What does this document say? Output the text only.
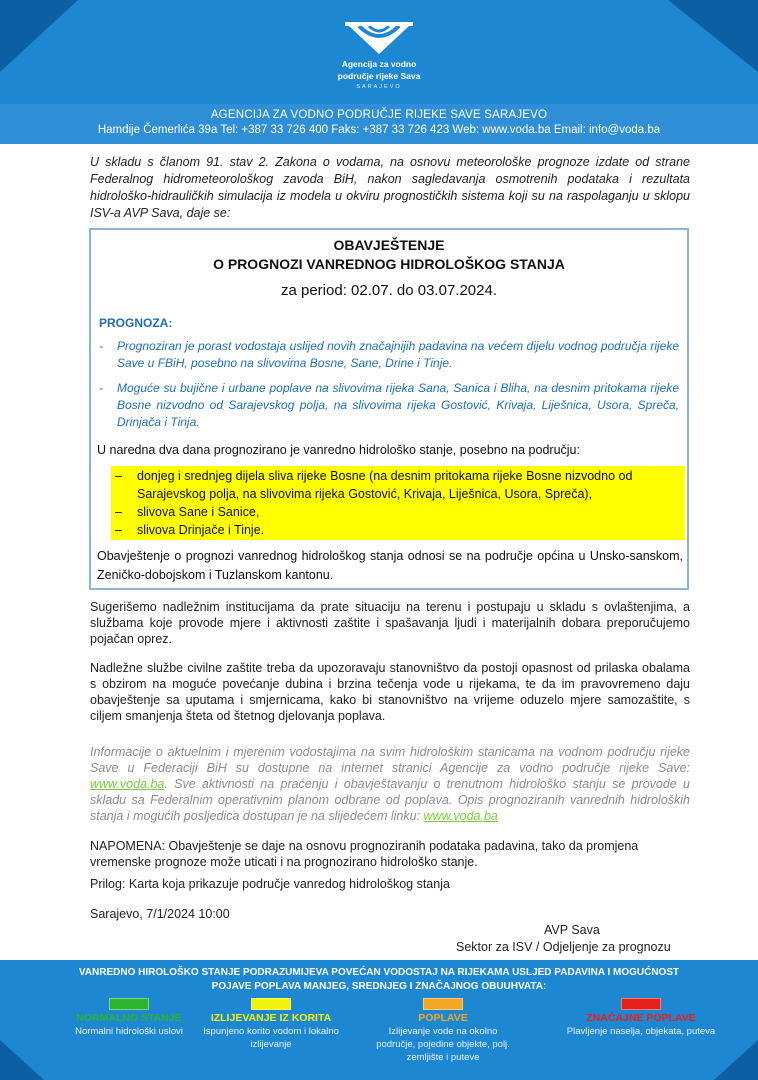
Agencija za vodno
područje rijeke Sava
SARAJEVO
AGENCIJA ZA VODNO PODRUČJE RIJEKE SAVE SARAJEVO
Hamdije Čemerlića 39a Tel: +387 33 726 400 Faks: +387 33 726 423 Web: www.voda.ba Email: info@voda.ba
U skladu s članom 91. stav 2. Zakona o vodama, na osnovu meteorološke prognoze izdate od strane Federalnog hidrometeorološkog zavoda BiH, nakon sagledavanja osmotrenih podataka i rezultata hidrološko-hidrauličkih simulacija iz modela u okviru prognostičkih sistema koji su na raspolaganju u sklopu ISV-a AVP Sava, daje se:
OBAVJEŠTENJE
O PROGNOZI VANREDNOG HIDROLOŠKOG STANJA
za period: 02.07. do 03.07.2024.
PROGNOZA:
- Prognoziran je porast vodostaja uslijed novih značajnijih padavina na većem dijelu vodnog područja rijeke Save u FBiH, posebno na slivovima Bosne, Sane, Drine i Tinje.
- Moguće su bujične i urbane poplave na slivovima rijeka Sana, Sanica i Bliha, na desnim pritokama rijeke Bosne nizvodno od Sarajevskog polja, na slivovima rijeka Gostović, Krivaja, Liješnica, Usora, Spreča, Drinjača i Tinja.
U naredna dva dana prognozirano je vanredno hidrološko stanje, posebno na području:
– donjeg i srednjeg dijela sliva rijeke Bosne (na desnim pritokama rijeke Bosne nizvodno od Sarajevskog polja, na slivovima rijeka Gostović, Krivaja, Liješnica, Usora, Spreča),
– slivova Sane i Sanice,
– slivova Drinjače i Tinje.
Obavještenje o prognozi vanrednog hidrološkog stanja odnosi se na područje općina u Unsko-sanskom, Zeničko-dobojskom i Tuzlanskom kantonu.
Sugerišemo nadležnim institucijama da prate situaciju na terenu i postupaju u skladu s ovlaštenjima, a službama koje provode mjere i aktivnosti zaštite i spašavanja ljudi i materijalnih dobara preporučujemo pojačan oprez.
Nadležne službe civilne zaštite treba da upozoravaju stanovništvo da postoji opasnost od prilaska obalama s obzirom na moguće povećanje dubina i brzina tečenja vode u rijekama, te da im pravovremeno daju obavještenje sa uputama i smjernicama, kako bi stanovništvo na vrijeme oduzelo mjere samozaštite, s ciljem smanjenja šteta od štetnog djelovanja poplava.
Informacije o aktuelnim i mjerenim vodostajima na svim hidrološkim stanicama na vodnom području rijeke Save u Federaciji BiH su dostupne na internet stranici Agencije za vodno područje rijeke Save: www.voda.ba. Sve aktivnosti na praćenju i obavještavanju o trenutnom hidrološko stanju se provode u skladu sa Federalnim operativnim planom odbrane od poplava. Opis prognoziranih vanrednih hidroloških stanja i mogućih posljedica dostupan je na slijedećem linku: www.voda.ba
NAPOMENA: Obavještenje se daje na osnovu prognoziranih podataka padavina, tako da promjena vremenske prognoze može uticati i na prognozirano hidrološko stanje.
Prilog: Karta koja prikazuje područje vanredog hidrološkog stanja
Sarajevo, 7/1/2024 10:00
AVP Sava
Sektor za ISV / Odjeljenje za prognozu
VANREDNO HIROLOŠKO STANJE PODRAZUMIJEVA POVEĆAN VODOSTAJ NA RIJEKAMA USLJED PADAVINA I MOGUĆNOST POJAVE POPLAVA MANJEG, SREDNJEG I ZNAČAJNOG OBUUHVATA:
NORMALNO STANJE
Normalni hidrološki uslovi
IZLIJEVANJE IZ KORITA
Ispunjeno korito vodom i lokalno izlijevanje
POPLAVE
Izlijevanje vode na okolno područje, pojedine objekte, polj. zemljište i puteve
ZNAČAJNE POPLAVE
Plavljenje naselja, objekata, puteva
